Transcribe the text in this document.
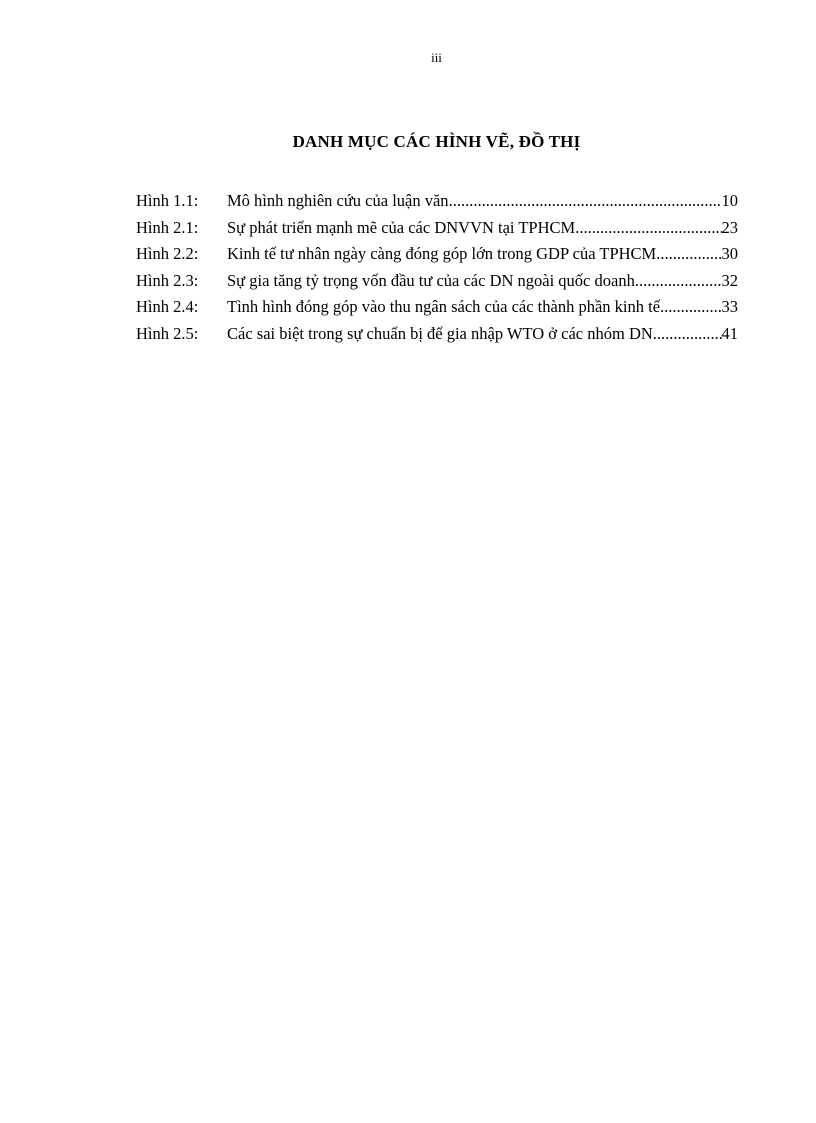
iii
DANH MỤC CÁC HÌNH VẼ, ĐỒ THỊ
Hình 1.1:	Mô hình nghiên cứu của luận văn .....	10
Hình 2.1:	Sự phát triển mạnh mẽ của các DNVVN tại TPHCM .....	23
Hình 2.2:	Kinh tế tư nhân ngày càng đóng góp lớn trong GDP của TPHCM .....	30
Hình 2.3:	Sự gia tăng tỷ trọng vốn đầu tư của các DN ngoài quốc doanh. .....	32
Hình 2.4:	Tình hình đóng góp vào thu ngân sách của các thành phần kinh tế. .....	33
Hình 2.5:	Các sai biệt trong sự chuẩn bị để gia nhập WTO ở các nhóm DN .....	41
